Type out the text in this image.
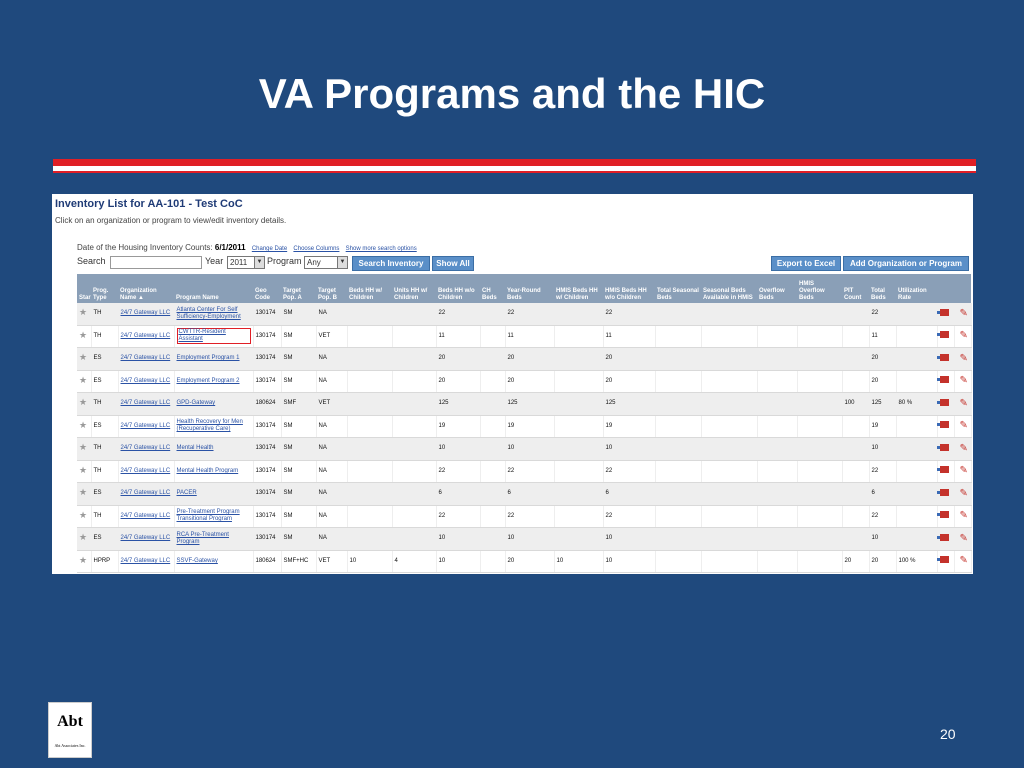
VA Programs and the HIC
Inventory List for AA-101 - Test CoC
Click on an organization or program to view/edit inventory details.
Date of the Housing Inventory Counts: 6/1/2011 Change Date Choose Columns Show more search options
Search	Year 2011	▼ Program Any	▼	Search Inventory	Show All	Export to Excel	Add Organization or Program
Star	Prog. Type	Organization Name ▲	Program Name	Geo Code	Target Pop. A	Target Pop. B	Beds HH w/ Children	Units HH w/ Children	Beds HH w/o Children	CH Beds	Year-Round Beds	HMIS Beds HH w/ Children	HMIS Beds HH w/o Children	Total Seasonal Beds	Seasonal Beds Available in HMIS	Overflow Beds	HMIS Overflow Beds	PIT Count	Total Beds	Utilization Rate		
★	TH	24/7 Gateway LLC	Atlanta Center For Self Sufficiency-Employment	130174	SM	NA			22		22		22						22			✎
★	TH	24/7 Gateway LLC	CWTTR-Resident Assistant	130174	SM	VET			11		11		11						11			✎
★	ES	24/7 Gateway LLC	Employment Program 1	130174	SM	NA			20		20		20						20			✎
★	ES	24/7 Gateway LLC	Employment Program 2	130174	SM	NA			20		20		20						20			✎
★	TH	24/7 Gateway LLC	GPD-Gateway	180624	SMF	VET			125		125		125					100	125	80 %		✎
★	ES	24/7 Gateway LLC	Health Recovery for Men (Recuperative Care)	130174	SM	NA			19		19		19						19			✎
★	TH	24/7 Gateway LLC	Mental Health	130174	SM	NA			10		10		10						10			✎
★	TH	24/7 Gateway LLC	Mental Health Program	130174	SM	NA			22		22		22						22			✎
★	ES	24/7 Gateway LLC	PACER	130174	SM	NA			6		6		6						6			✎
★	TH	24/7 Gateway LLC	Pre-Treatment Program Transitional Program	130174	SM	NA			22		22		22						22			✎
★	ES	24/7 Gateway LLC	RCA Pre-Treatment Program	130174	SM	NA			10		10		10						10			✎
★	HPRP	24/7 Gateway LLC	SSVF-Gateway	180624	SMF+HC	VET	10	4	10		20	10	10					20	20	100 %		✎
Abt
Abt Associates Inc.
20
